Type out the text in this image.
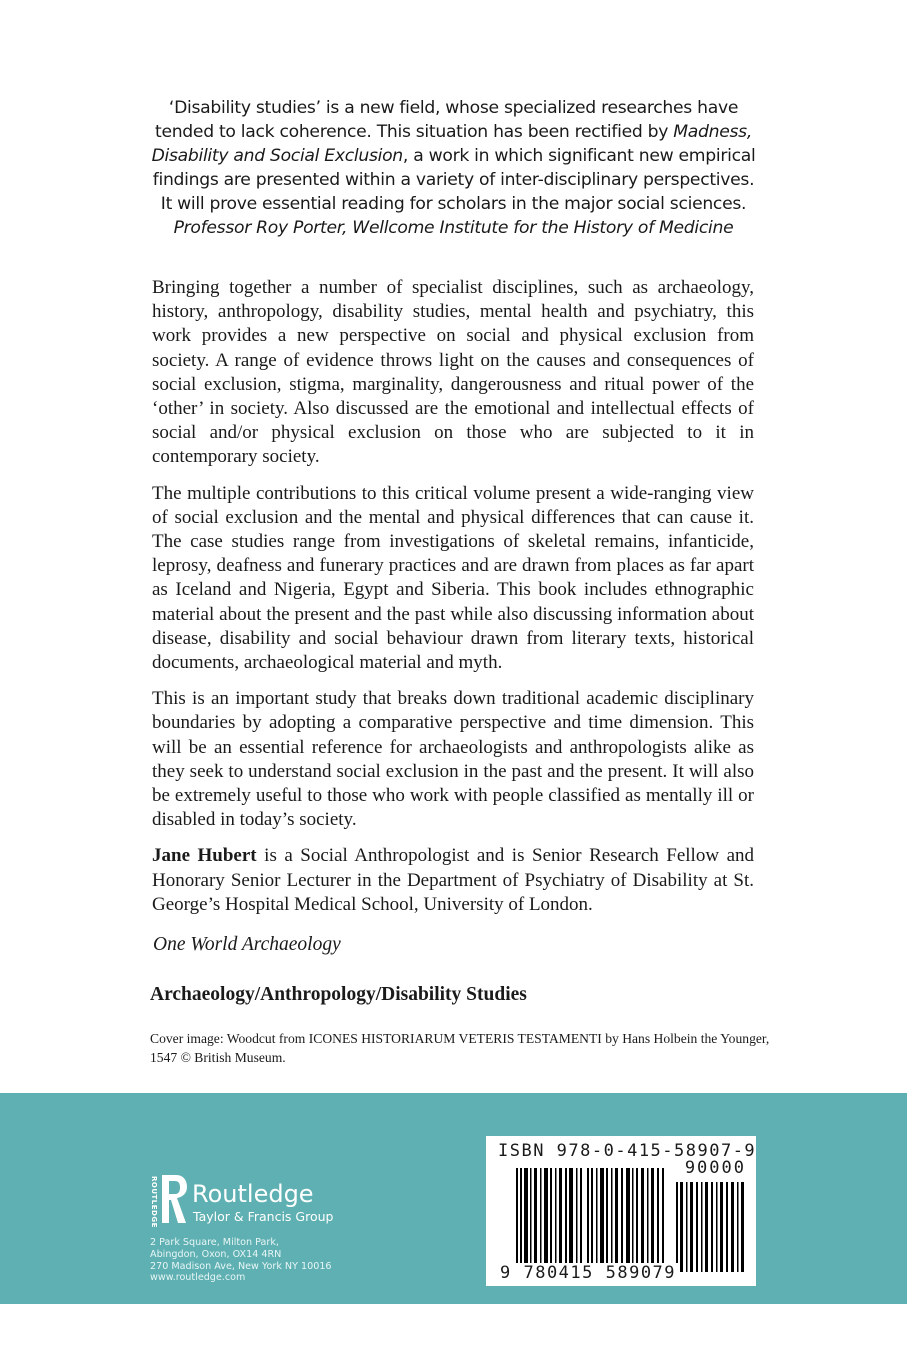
‘Disability studies’ is a new field, whose specialized researches have
tended to lack coherence. This situation has been rectified by Madness,
Disability and Social Exclusion, a work in which significant new empirical
findings are presented within a variety of inter-disciplinary perspectives.
It will prove essential reading for scholars in the major social sciences.
Professor Roy Porter, Wellcome Institute for the History of Medicine

Bringing together a number of specialist disciplines, such as archaeology, history, anthropology, disability studies, mental health and psychiatry, this work provides a new perspective on social and physical exclusion from society. A range of evidence throws light on the causes and consequences of social exclusion, stigma, marginality, dangerousness and ritual power of the ‘other’ in society. Also discussed are the emotional and intellectual effects of social and/or physical exclusion on those who are subjected to it in contemporary society.

The multiple contributions to this critical volume present a wide-ranging view of social exclusion and the mental and physical differences that can cause it. The case studies range from investigations of skeletal remains, infanticide, leprosy, deafness and funerary practices and are drawn from places as far apart as Iceland and Nigeria, Egypt and Siberia. This book includes ethnographic material about the present and the past while also discussing information about disease, disability and social behaviour drawn from literary texts, historical documents, archaeological material and myth.

This is an important study that breaks down traditional academic disciplinary boundaries by adopting a comparative perspective and time dimension. This will be an essential reference for archaeologists and anthropologists alike as they seek to understand social exclusion in the past and the present. It will also be extremely useful to those who work with people classified as mentally ill or disabled in today’s society.

Jane Hubert is a Social Anthropologist and is Senior Research Fellow and Honorary Senior Lecturer in the Department of Psychiatry of Disability at St. George’s Hospital Medical School, University of London.

One World Archaeology
Archaeology/Anthropology/Disability Studies
Cover image: Woodcut from ICONES HISTORIARUM VETERIS TESTAMENTI by Hans Holbein the Younger, 1547 © British Museum.
ROUTLEDGE Routledge
Taylor & Francis Group
2 Park Square, Milton Park,
Abingdon, Oxon, OX14 4RN
270 Madison Ave, New York NY 10016
www.routledge.com
ISBN 978-0-415-58907-9
90000
9 780415 589079
